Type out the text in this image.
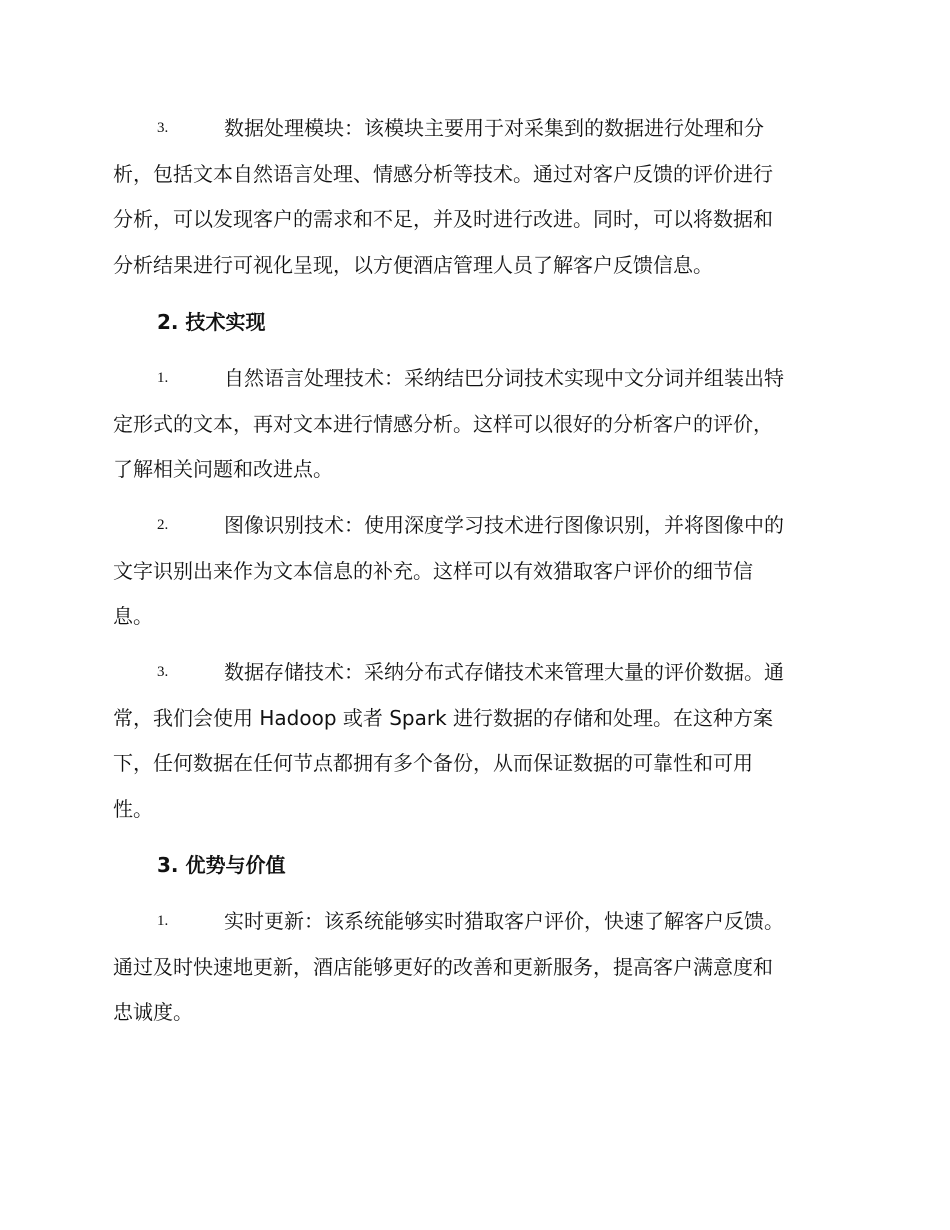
3.	数据处理模块：该模块主要用于对采集到的数据进行处理和分
析，包括文本自然语言处理、情感分析等技术。通过对客户反馈的评价进行
分析，可以发现客户的需求和不足，并及时进行改进。同时，可以将数据和
分析结果进行可视化呈现，以方便酒店管理人员了解客户反馈信息。
2. 技术实现
1.	自然语言处理技术：采纳结巴分词技术实现中文分词并组装出特
定形式的文本，再对文本进行情感分析。这样可以很好的分析客户的评价，
了解相关问题和改进点。
2.	图像识别技术：使用深度学习技术进行图像识别，并将图像中的
文字识别出来作为文本信息的补充。这样可以有效猎取客户评价的细节信
息。
3.	数据存储技术：采纳分布式存储技术来管理大量的评价数据。通
常，我们会使用 Hadoop 或者 Spark 进行数据的存储和处理。在这种方案
下，任何数据在任何节点都拥有多个备份，从而保证数据的可靠性和可用
性。
3. 优势与价值
1.	实时更新：该系统能够实时猎取客户评价，快速了解客户反馈。
通过及时快速地更新，酒店能够更好的改善和更新服务，提高客户满意度和
忠诚度。
